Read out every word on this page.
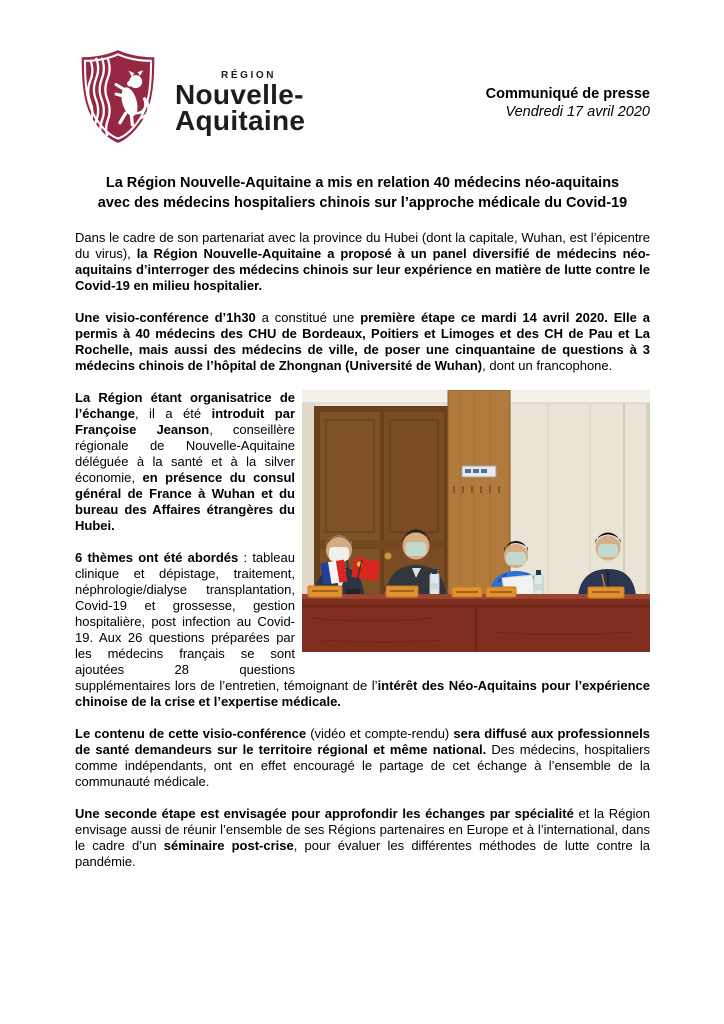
RÉGION
Nouvelle-
Aquitaine
Communiqué de presse
Vendredi 17 avril 2020
La Région Nouvelle-Aquitaine a mis en relation 40 médecins néo-aquitains avec des médecins hospitaliers chinois sur l’approche médicale du Covid-19

Dans le cadre de son partenariat avec la province du Hubei (dont la capitale, Wuhan, est l’épicentre du virus), la Région Nouvelle-Aquitaine a proposé à un panel diversifié de médecins néo-aquitains d’interroger des médecins chinois sur leur expérience en matière de lutte contre le Covid-19 en milieu hospitalier.

Une visio-conférence d’1h30 a constitué une première étape ce mardi 14 avril 2020. Elle a permis à 40 médecins des CHU de Bordeaux, Poitiers et Limoges et des CH de Pau et La Rochelle, mais aussi des médecins de ville, de poser une cinquantaine de questions à 3 médecins chinois de l’hôpital de Zhongnan (Université de Wuhan), dont un francophone.

La Région étant organisatrice de l’échange, il a été introduit par Françoise Jeanson, conseillère régionale de Nouvelle-Aquitaine déléguée à la santé et à la silver économie, en présence du consul général de France à Wuhan et du bureau des Affaires étrangères du Hubei.

6 thèmes ont été abordés : tableau clinique et dépistage, traitement, néphrologie/dialyse transplantation, Covid-19 et grossesse, gestion hospitalière, post infection au Covid-19. Aux 26 questions préparées par les médecins français se sont ajoutées 28 questions supplémentaires lors de l’entretien, témoignant de l’intérêt des Néo-Aquitains pour l’expérience chinoise de la crise et l’expertise médicale.

Le contenu de cette visio-conférence (vidéo et compte-rendu) sera diffusé aux professionnels de santé demandeurs sur le territoire régional et même national. Des médecins, hospitaliers comme indépendants, ont en effet encouragé le partage de cet échange à l’ensemble de la communauté médicale.

Une seconde étape est envisagée pour approfondir les échanges par spécialité et la Région envisage aussi de réunir l’ensemble de ses Régions partenaires en Europe et à l’international, dans le cadre d’un séminaire post-crise, pour évaluer les différentes méthodes de lutte contre la pandémie.
